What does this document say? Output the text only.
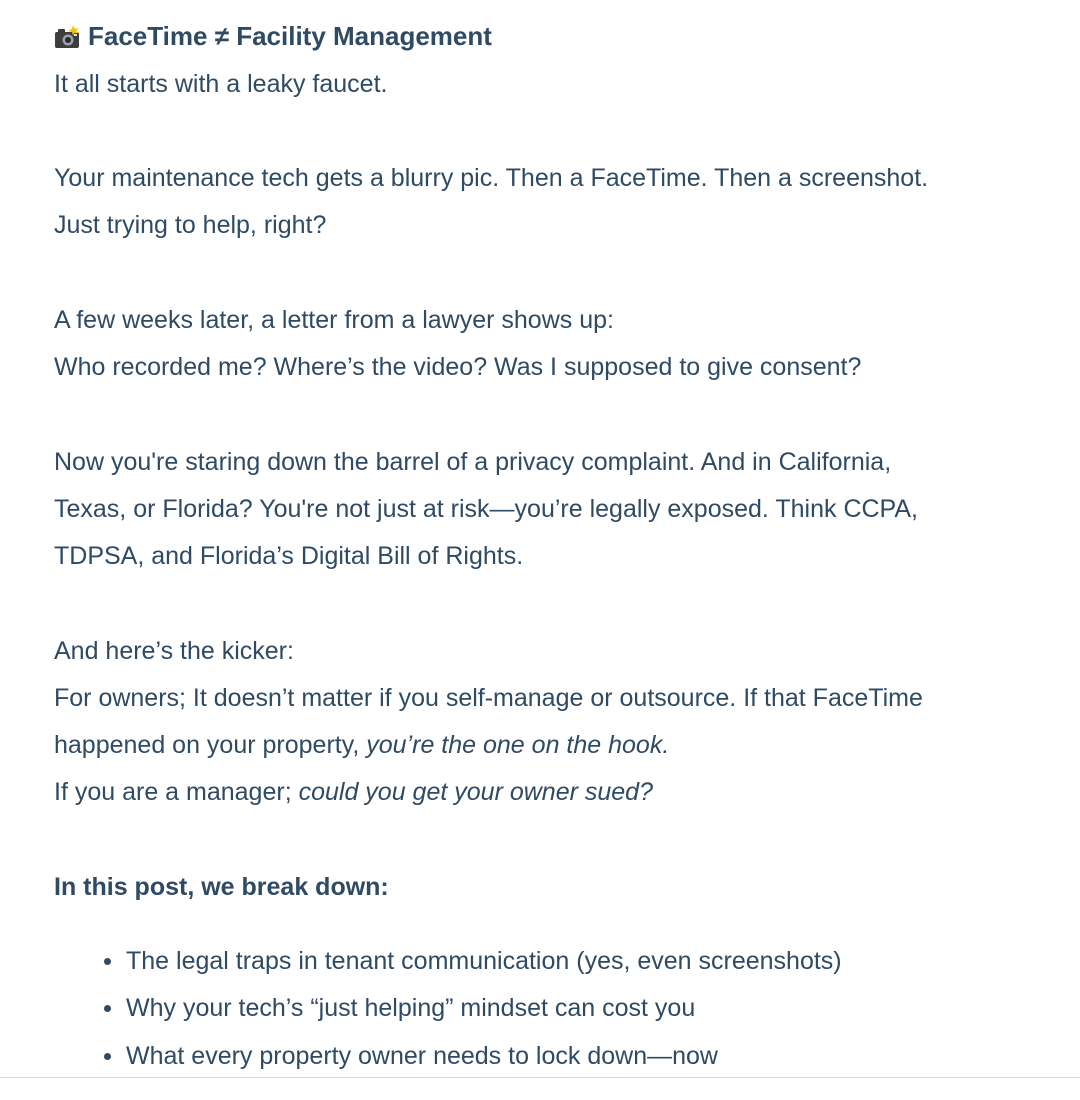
FaceTime ≠ Facility Management
It all starts with a leaky faucet.
Your maintenance tech gets a blurry pic. Then a FaceTime. Then a screenshot.
Just trying to help, right?
A few weeks later, a letter from a lawyer shows up:
Who recorded me? Where’s the video? Was I supposed to give consent?
Now you're staring down the barrel of a privacy complaint. And in California,
Texas, or Florida? You're not just at risk—you’re legally exposed. Think CCPA,
TDPSA, and Florida’s Digital Bill of Rights.
And here’s the kicker:
For owners; It doesn’t matter if you self-manage or outsource. If that FaceTime
happened on your property, you’re the one on the hook.
If you are a manager; could you get your owner sued?
In this post, we break down:
The legal traps in tenant communication (yes, even screenshots)
Why your tech’s “just helping” mindset can cost you
What every property owner needs to lock down—now
